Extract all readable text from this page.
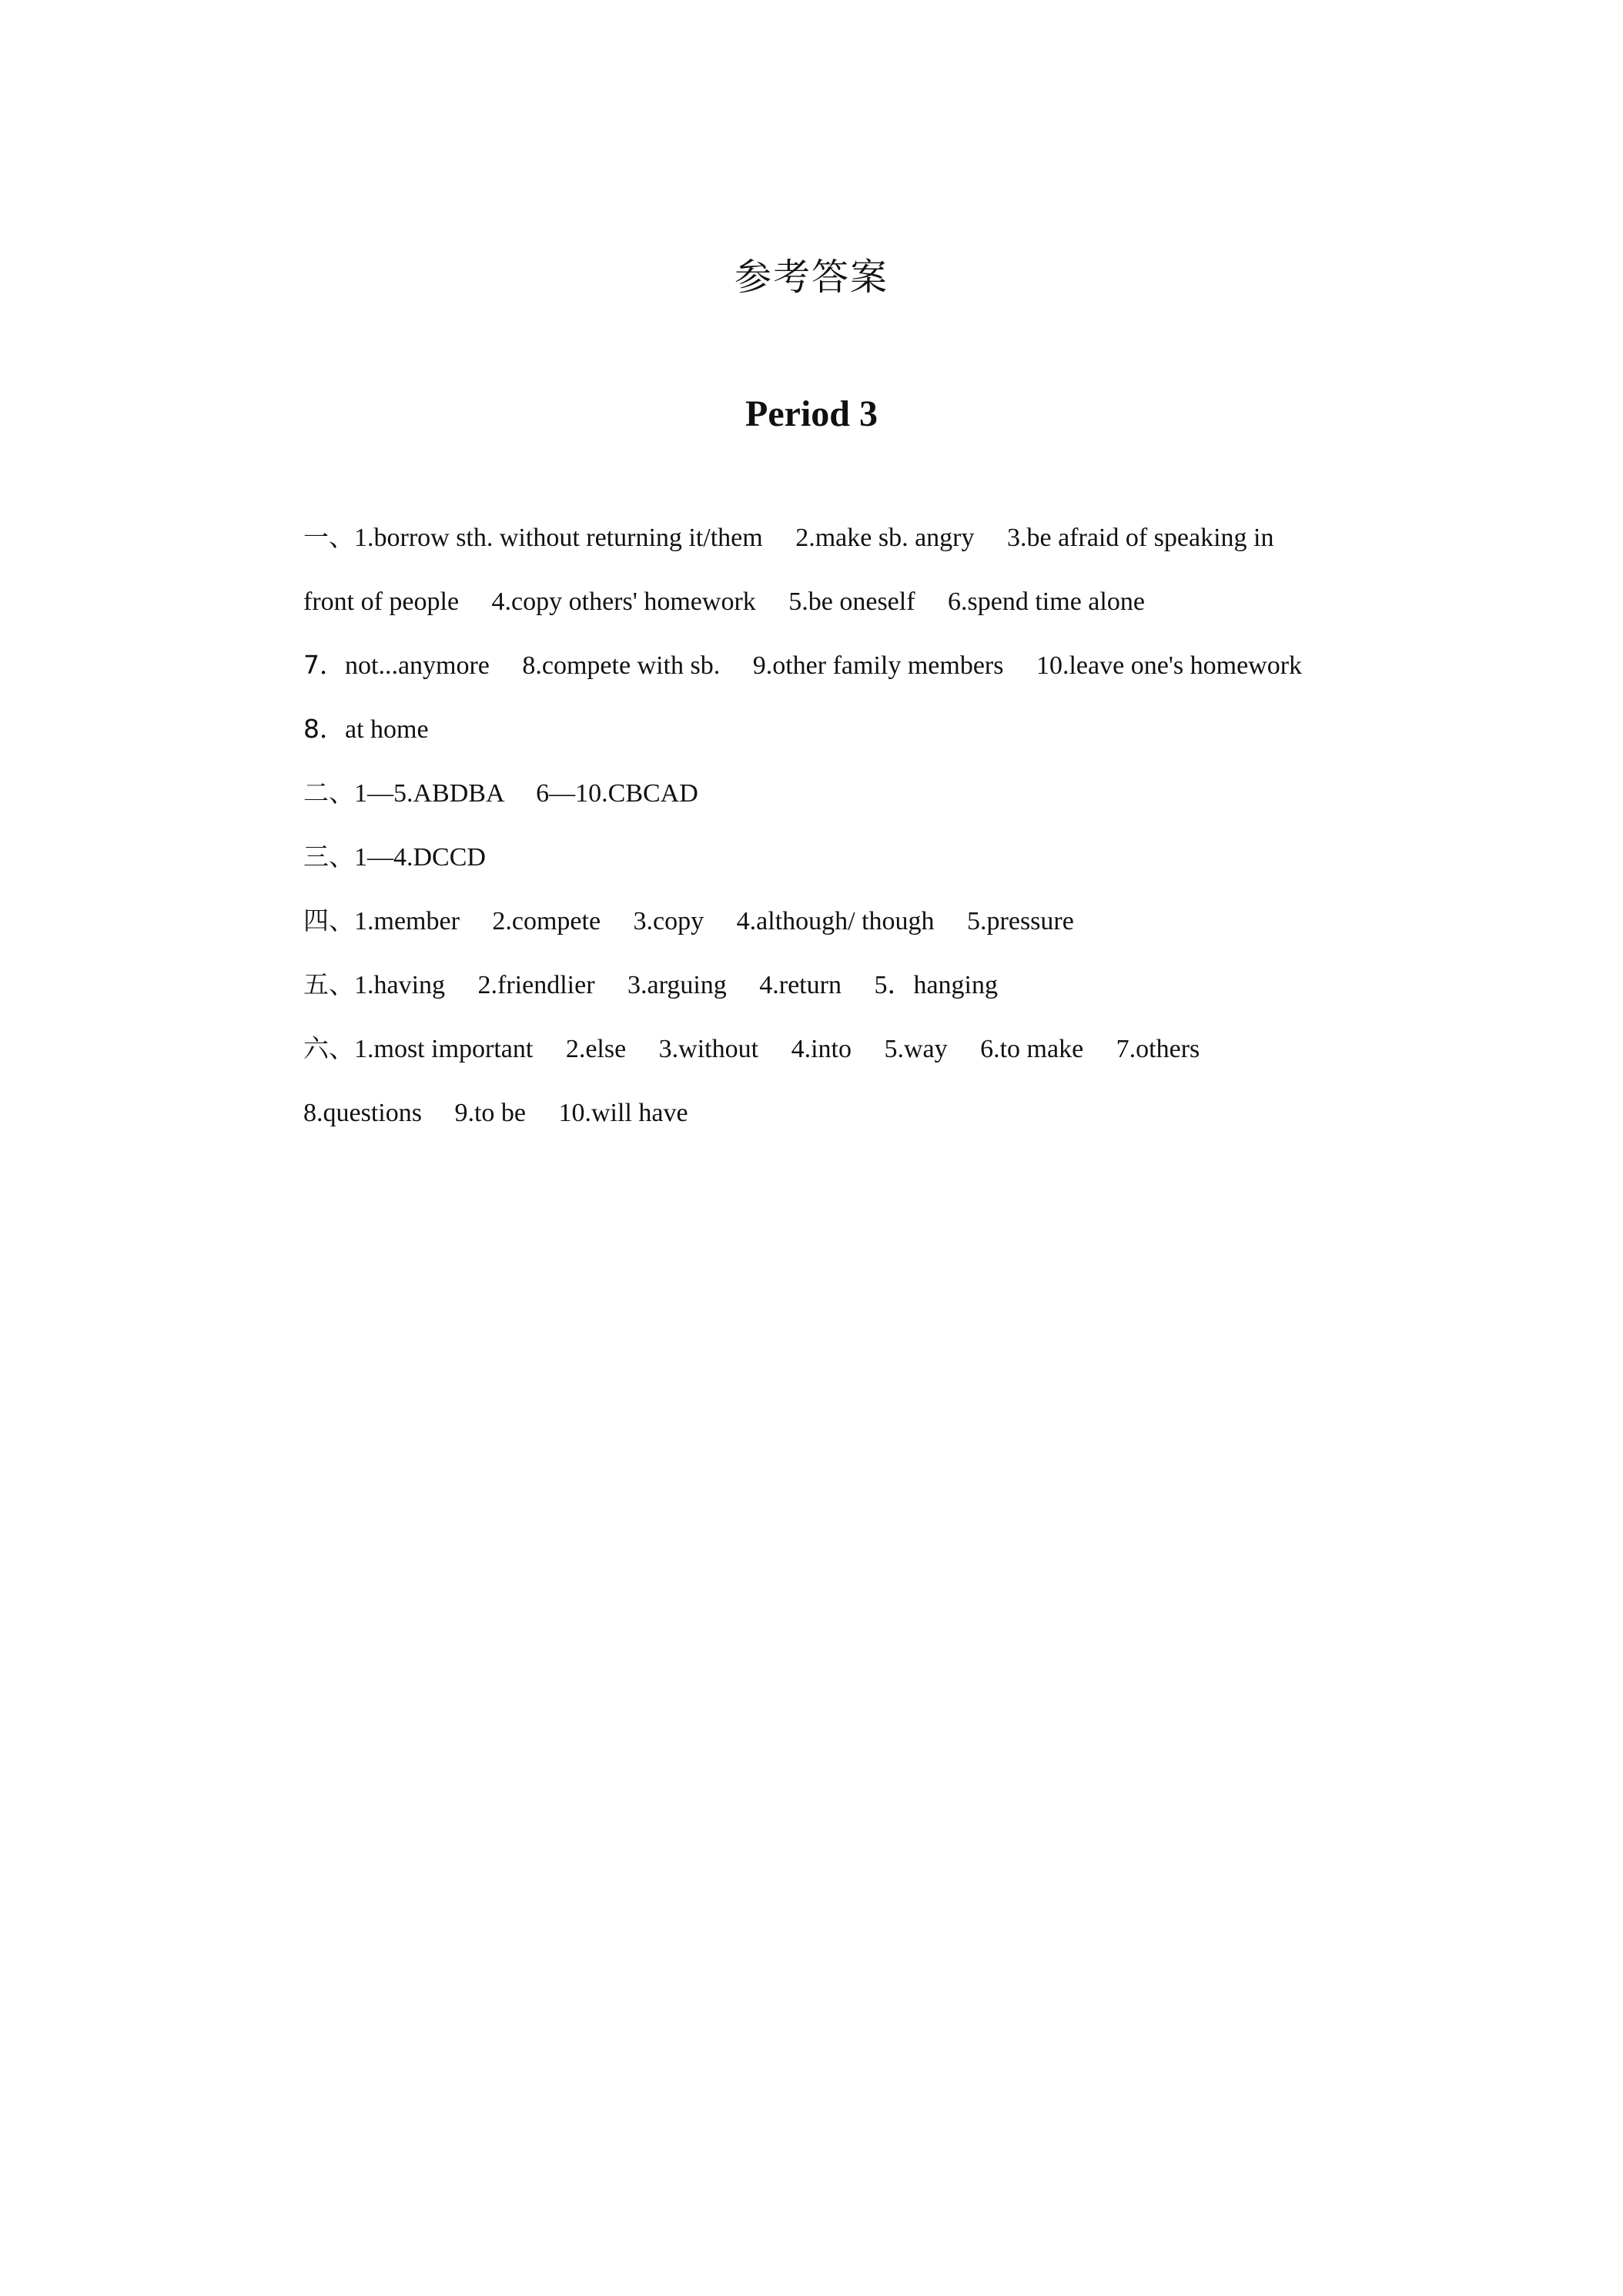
参考答案
Period 3
一、1.borrow sth. without returning it/them　 2.make sb. angry　 3.be afraid of speaking in
front of people　 4.copy others' homework　 5.be oneself　 6.spend time alone
7．not...anymore　 8.compete with sb.　 9.other family members　 10.leave one's homework
8．at home
二、1—5.ABDBA　 6—10.CBCAD
三、1—4.DCCD
四、1.member　 2.compete　 3.copy　 4.although/ though　 5.pressure
五、1.having　 2.friendlier　 3.arguing　 4.return　 5．hanging
六、1.most important　 2.else　 3.without　 4.into　 5.way　 6.to make　 7.others
8.questions　 9.to be　 10.will have
